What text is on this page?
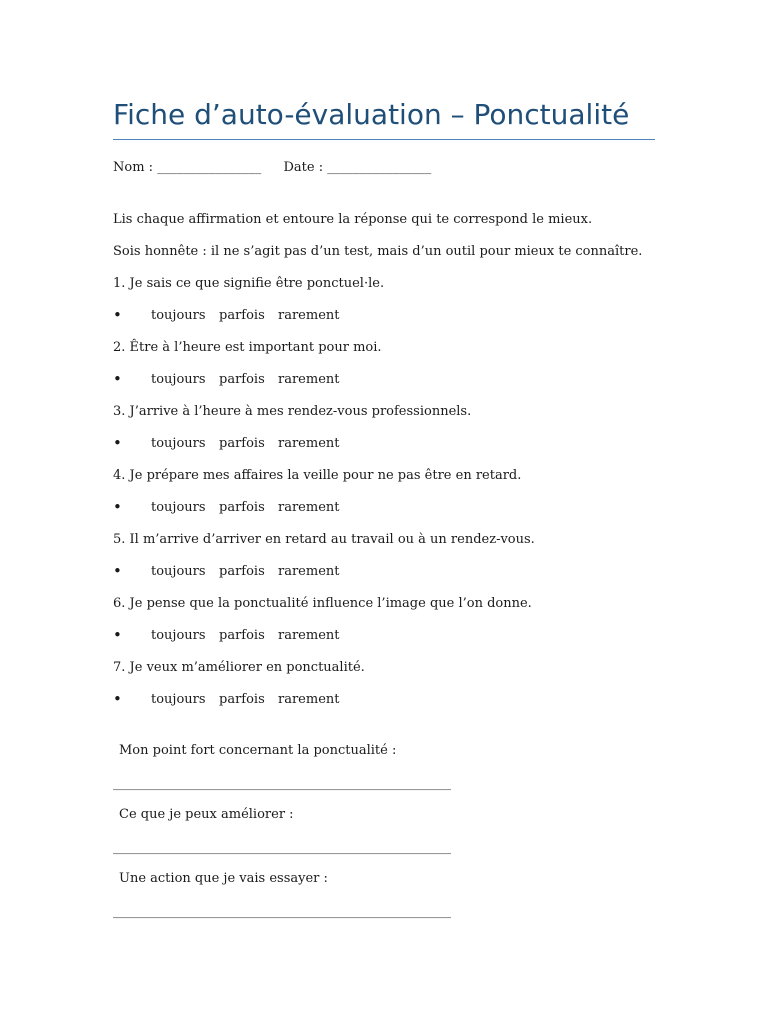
Fiche d’auto-évaluation – Ponctualité
Nom : ________________ Date : ________________
Lis chaque affirmation et entoure la réponse qui te correspond le mieux.
Sois honnête : il ne s’agit pas d’un test, mais d’un outil pour mieux te connaître.
1. Je sais ce que signifie être ponctuel·le.
• toujours parfois rarement
2. Être à l’heure est important pour moi.
• toujours parfois rarement
3. J’arrive à l’heure à mes rendez-vous professionnels.
• toujours parfois rarement
4. Je prépare mes affaires la veille pour ne pas être en retard.
• toujours parfois rarement
5. Il m’arrive d’arriver en retard au travail ou à un rendez-vous.
• toujours parfois rarement
6. Je pense que la ponctualité influence l’image que l’on donne.
• toujours parfois rarement
7. Je veux m’améliorer en ponctualité.
• toujours parfois rarement
Mon point fort concernant la ponctualité :
____________________________________________________
Ce que je peux améliorer :
____________________________________________________
Une action que je vais essayer :
____________________________________________________
